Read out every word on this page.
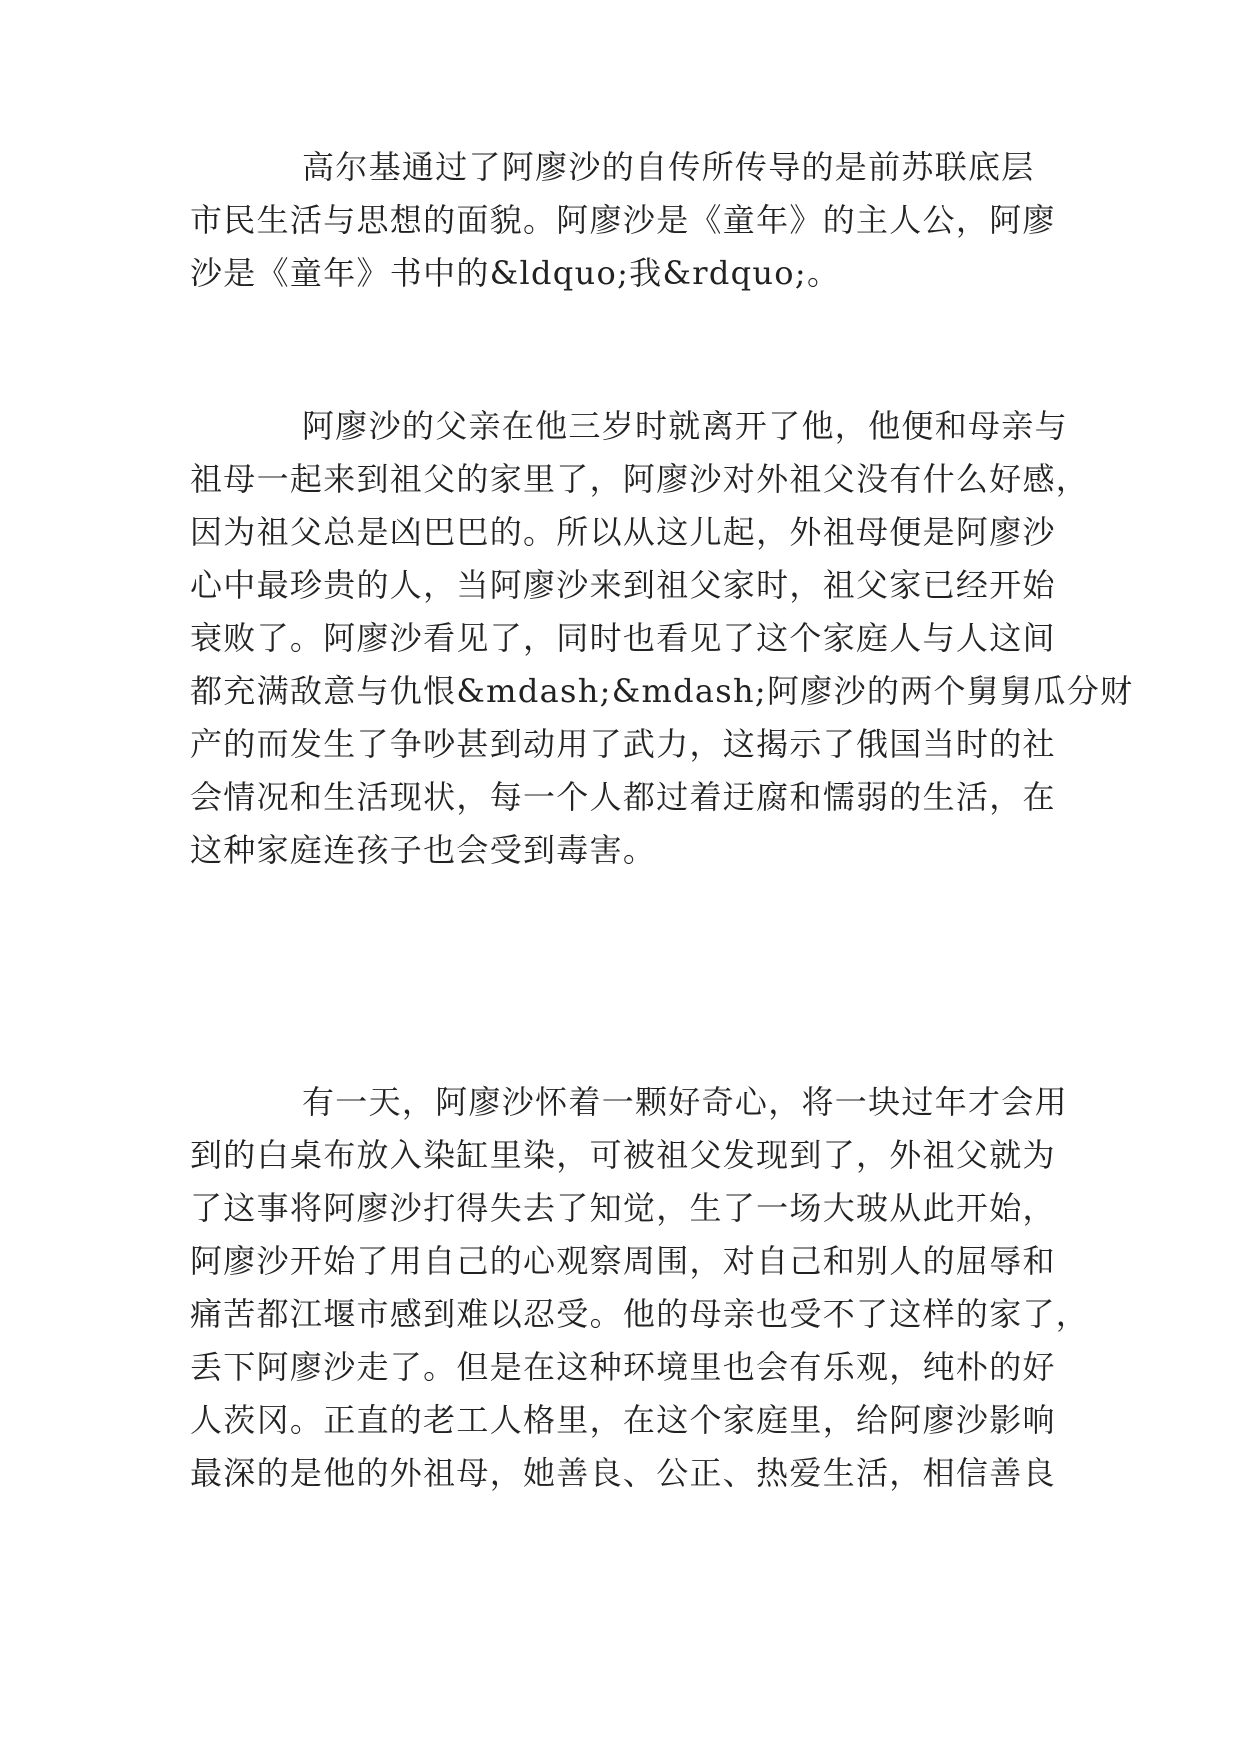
高尔基通过了阿廖沙的自传所传导的是前苏联底层
市民生活与思想的面貌。阿廖沙是《童年》的主人公，阿廖
沙是《童年》书中的&ldquo;我&rdquo;。
阿廖沙的父亲在他三岁时就离开了他，他便和母亲与
祖母一起来到祖父的家里了，阿廖沙对外祖父没有什么好感，
因为祖父总是凶巴巴的。所以从这儿起，外祖母便是阿廖沙
心中最珍贵的人，当阿廖沙来到祖父家时，祖父家已经开始
衰败了。阿廖沙看见了，同时也看见了这个家庭人与人这间
都充满敌意与仇恨&mdash;&mdash;阿廖沙的两个舅舅瓜分财
产的而发生了争吵甚到动用了武力，这揭示了俄国当时的社
会情况和生活现状，每一个人都过着迂腐和懦弱的生活，在
这种家庭连孩子也会受到毒害。
有一天，阿廖沙怀着一颗好奇心，将一块过年才会用
到的白桌布放入染缸里染，可被祖父发现到了，外祖父就为
了这事将阿廖沙打得失去了知觉，生了一场大玻从此开始，
阿廖沙开始了用自己的心观察周围，对自己和别人的屈辱和
痛苦都江堰市感到难以忍受。他的母亲也受不了这样的家了，
丢下阿廖沙走了。但是在这种环境里也会有乐观，纯朴的好
人茨冈。正直的老工人格里，在这个家庭里，给阿廖沙影响
最深的是他的外祖母，她善良、公正、热爱生活，相信善良
